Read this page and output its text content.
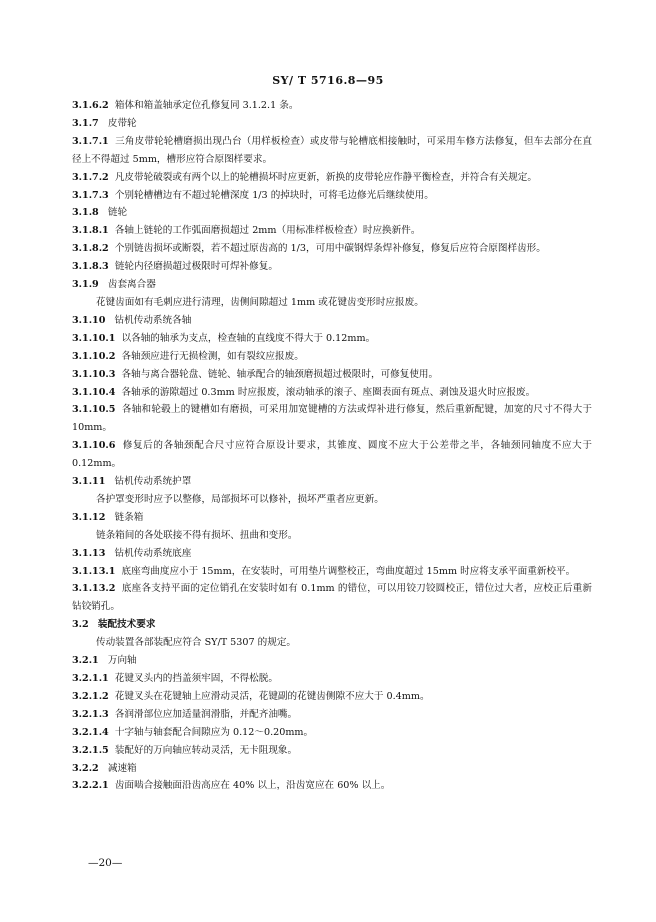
SY/ T 5716.8—95

3.1.6.2 箱体和箱盖轴承定位孔修复同 3.1.2.1 条。

3.1.7 皮带轮

3.1.7.1 三角皮带轮轮槽磨损出现凸台（用样板检查）或皮带与轮槽底相接触时，可采用车修方法修复，但车去部分在直径上不得超过 5mm，槽形应符合原图样要求。

3.1.7.2 凡皮带轮破裂或有两个以上的轮槽损坏时应更新，新换的皮带轮应作静平衡检查，并符合有关规定。

3.1.7.3 个别轮槽槽边有不超过轮槽深度 1/3 的掉块时，可将毛边修光后继续使用。

3.1.8 链轮

3.1.8.1 各轴上链轮的工作弧面磨损超过 2mm（用标准样板检查）时应换新件。

3.1.8.2 个别链齿损坏或断裂，若不超过原齿高的 1/3，可用中碳钢焊条焊补修复，修复后应符合原图样齿形。

3.1.8.3 链轮内径磨损超过极限时可焊补修复。

3.1.9 齿套离合器

花键齿面如有毛刺应进行清理，齿侧间隙超过 1mm 或花键齿变形时应报废。

3.1.10 钻机传动系统各轴

3.1.10.1 以各轴的轴承为支点，检查轴的直线度不得大于 0.12mm。

3.1.10.2 各轴颈应进行无损检测，如有裂纹应报废。

3.1.10.3 各轴与离合器轮盘、链轮、轴承配合的轴颈磨损超过极限时，可修复使用。

3.1.10.4 各轴承的游隙超过 0.3mm 时应报废，滚动轴承的滚子、座圈表面有斑点、剥蚀及退火时应报废。

3.1.10.5 各轴和轮毂上的键槽如有磨损，可采用加宽键槽的方法或焊补进行修复，然后重新配键，加宽的尺寸不得大于 10mm。

3.1.10.6 修复后的各轴颈配合尺寸应符合原设计要求，其锥度、圆度不应大于公差带之半，各轴颈同轴度不应大于 0.12mm。

3.1.11 钻机传动系统护罩

各护罩变形时应予以整修，局部损坏可以修补，损坏严重者应更新。

3.1.12 链条箱

链条箱间的各处联接不得有损坏、扭曲和变形。

3.1.13 钻机传动系统底座

3.1.13.1 底座弯曲度应小于 15mm，在安装时，可用垫片调整校正，弯曲度超过 15mm 时应将支承平面重新校平。

3.1.13.2 底座各支持平面的定位销孔在安装时如有 0.1mm 的错位，可以用铰刀铰圆校正，错位过大者，应校正后重新钻铰销孔。

3.2 装配技术要求

传动装置各部装配应符合 SY/T 5307 的规定。

3.2.1 万向轴

3.2.1.1 花键叉头内的挡盖须牢固，不得松脱。

3.2.1.2 花键叉头在花键轴上应滑动灵活，花键副的花键齿侧隙不应大于 0.4mm。

3.2.1.3 各润滑部位应加适量润滑脂，并配齐油嘴。

3.2.1.4 十字轴与轴套配合间隙应为 0.12～0.20mm。

3.2.1.5 装配好的万向轴应转动灵活，无卡阻现象。

3.2.2 减速箱

3.2.2.1 齿面啮合接触面沿齿高应在 40% 以上，沿齿宽应在 60% 以上。

—20—
